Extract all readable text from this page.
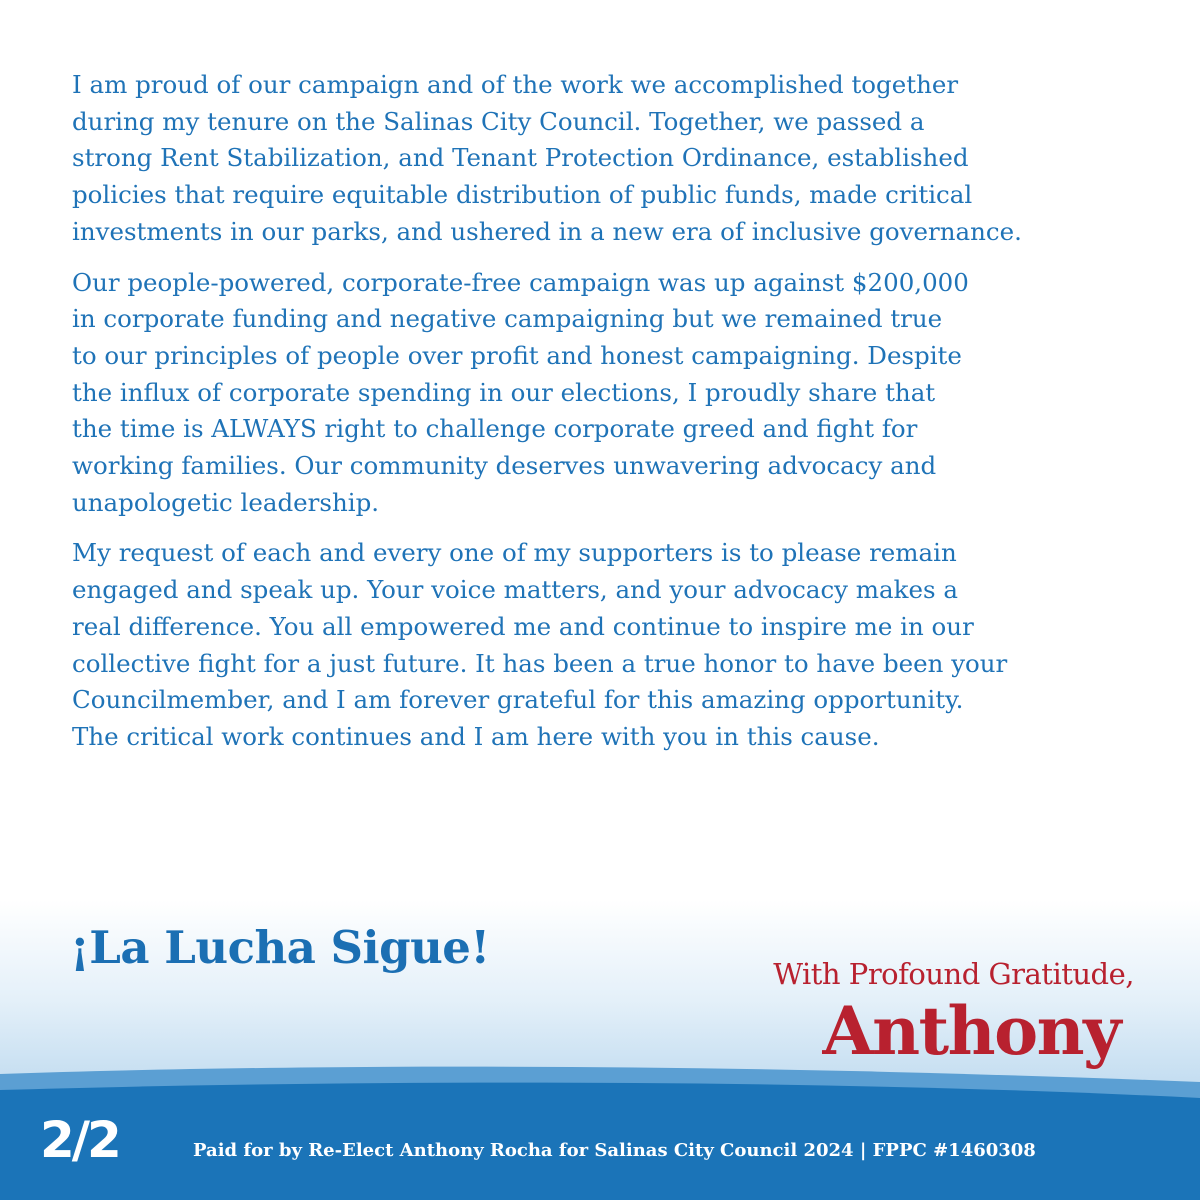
I am proud of our campaign and of the work we accomplished together
during my tenure on the Salinas City Council. Together, we passed a
strong Rent Stabilization, and Tenant Protection Ordinance, established
policies that require equitable distribution of public funds, made critical
investments in our parks, and ushered in a new era of inclusive governance.

Our people-powered, corporate-free campaign was up against $200,000
in corporate funding and negative campaigning but we remained true
to our principles of people over profit and honest campaigning. Despite
the influx of corporate spending in our elections, I proudly share that
the time is ALWAYS right to challenge corporate greed and fight for
working families. Our community deserves unwavering advocacy and
unapologetic leadership.

My request of each and every one of my supporters is to please remain
engaged and speak up. Your voice matters, and your advocacy makes a
real difference. You all empowered me and continue to inspire me in our
collective fight for a just future. It has been a true honor to have been your
Councilmember, and I am forever grateful for this amazing opportunity.
The critical work continues and I am here with you in this cause.

¡La Lucha Sigue!	With Profound Gratitude,

Anthony

2/2	Paid for by Re-Elect Anthony Rocha for Salinas City Council 2024 | FPPC #1460308
